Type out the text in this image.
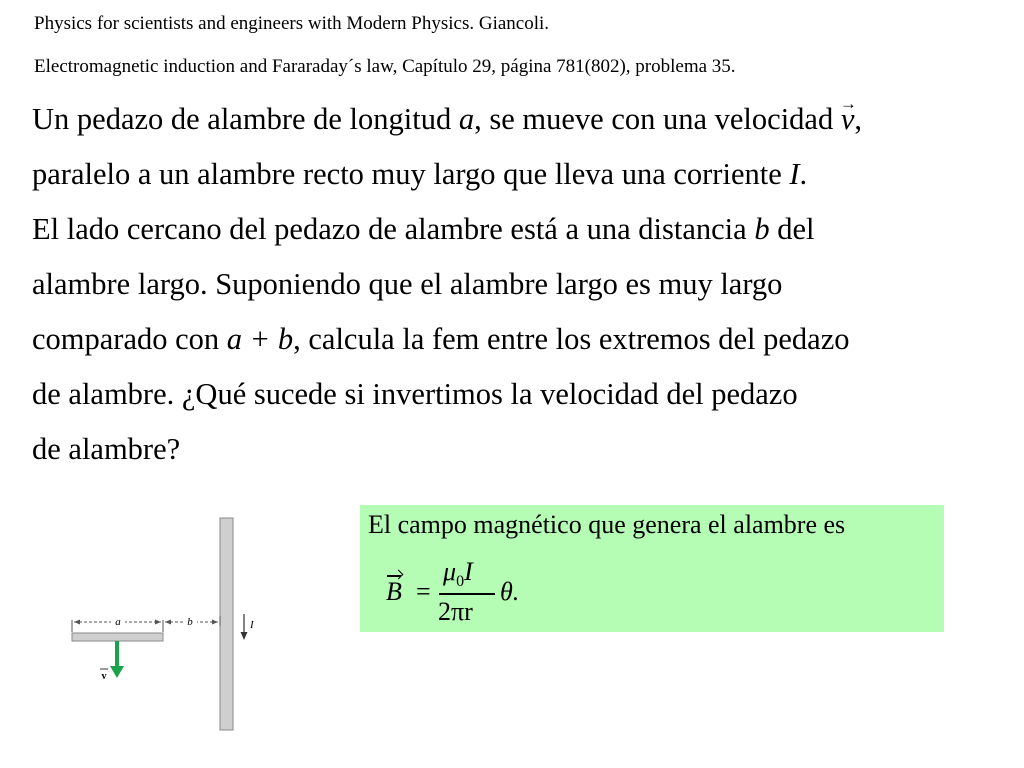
Physics for scientists and engineers with Modern Physics. Giancoli.
Electromagnetic induction and Fararaday´s law, Capítulo 29, página 781(802), problema 35.
Un pedazo de alambre de longitud a, se mueve con una velocidad → v,
paralelo a un alambre recto muy largo que lleva una corriente I.
El lado cercano del pedazo de alambre está a una distancia b del
alambre largo. Suponiendo que el alambre largo es muy largo
comparado con a + b, calcula la fem entre los extremos del pedazo
de alambre. ¿Qué sucede si invertimos la velocidad del pedazo
de alambre?
El campo magnético que genera el alambre es
B =
$\mu_0I$
2πr
θ.
a	b	I
v
